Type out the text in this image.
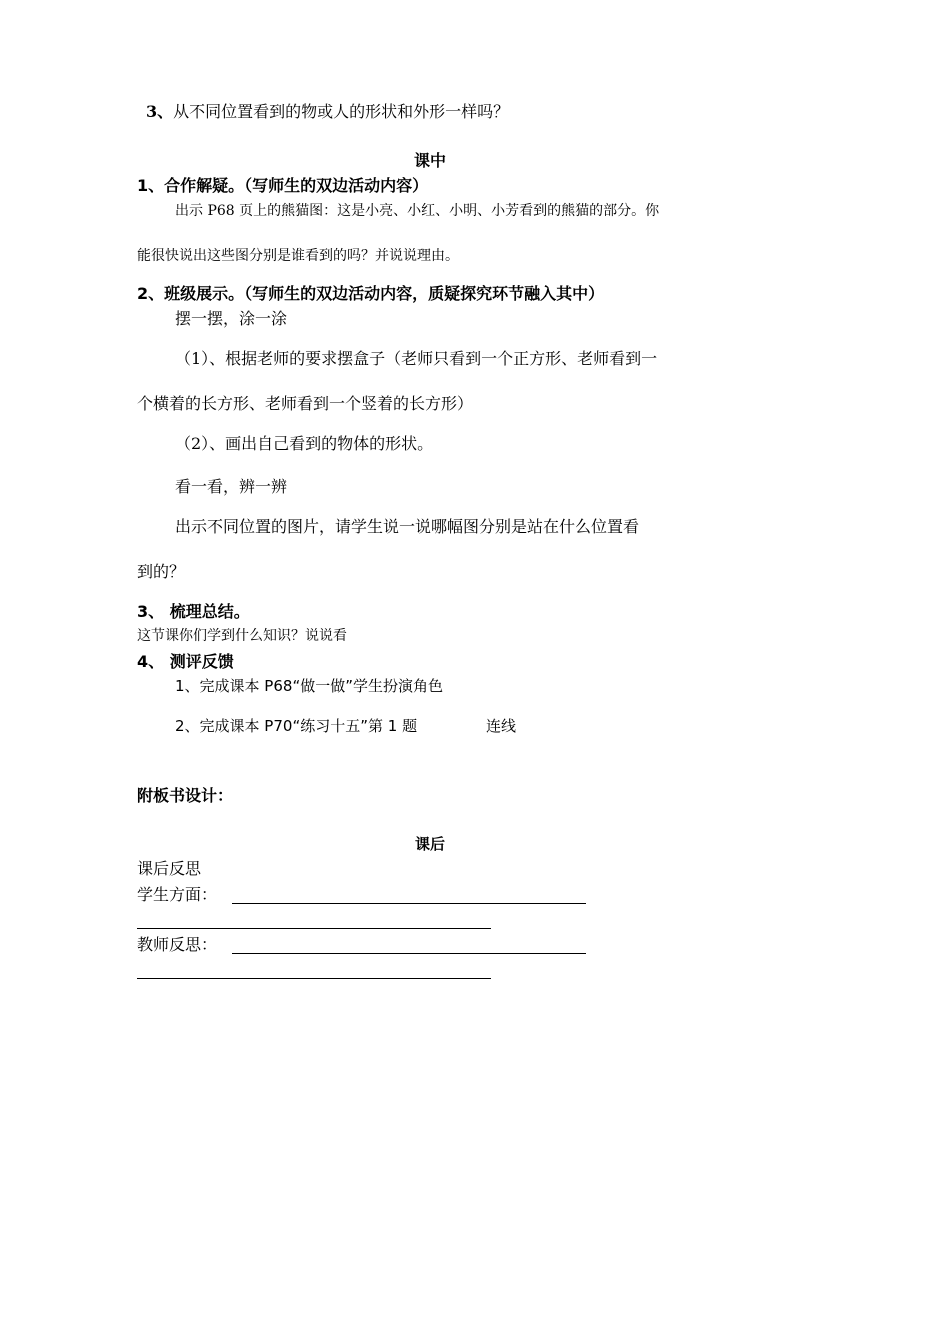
3、从不同位置看到的物或人的形状和外形一样吗？
课中
1、合作解疑。（写师生的双边活动内容）
出示 P68 页上的熊猫图：这是小亮、小红、小明、小芳看到的熊猫的部分。你
能很快说出这些图分别是谁看到的吗？并说说理由。
2、班级展示。（写师生的双边活动内容，质疑探究环节融入其中）
摆一摆，涂一涂
（1）、根据老师的要求摆盒子（老师只看到一个正方形、老师看到一
个横着的长方形、老师看到一个竖着的长方形）
（2）、画出自己看到的物体的形状。
看一看，辨一辨
出示不同位置的图片，请学生说一说哪幅图分别是站在什么位置看
到的？
3、 梳理总结。
这节课你们学到什么知识？说说看
4、 测评反馈
1、完成课本 P68“做一做”学生扮演角色
2、完成课本 P70“练习十五”第 1 题	连线
附板书设计：
课后
课后反思
学生方面：
教师反思：
